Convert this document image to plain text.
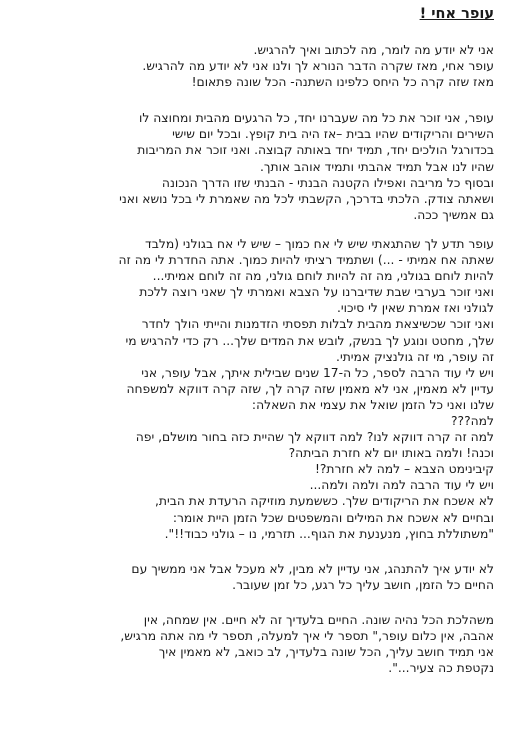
עופר אחי !
אני לא יודע מה לומר, מה לכתוב ואיך להרגיש.
עופר אחי, מאז שקרה הדבר הנורא לך ולנו אני לא יודע מה להרגיש.
מאז שזה קרה כל היחס כלפינו השתנה- הכל שונה פתאום!
עופר, אני זוכר את כל מה שעברנו יחד, כל הרגעים מהבית ומחוצה לו
השירים והריקודים שהיו בבית –אז היה בית קופץ. ובכל יום שישי
בכדורגל הולכים יחד, תמיד יחד באותה קבוצה. ואני זוכר את המריבות
שהיו לנו אבל תמיד אהבתי ותמיד אוהב אותך.
ובסוף כל מריבה ואפילו הקטנה הבנתי - הבנתי שזו הדרך הנכונה
ושאתה צודק. הלכתי בדרכך, הקשבתי לכל מה שאמרת לי בכל נושא ואני
גם אמשיך ככה.
עופר תדע לך שהתגאתי שיש לי אח כמוך – שיש לי אח בגולני (מלבד
שאתה אח אמיתי - ...) ושתמיד רציתי להיות כמוך. אתה החדרת לי מה זה
להיות לוחם בגולני, מה זה להיות לוחם גולני, מה זה לוחם אמיתי...
ואני זוכר בערבי שבת שדיברנו על הצבא ואמרתי לך שאני רוצה ללכת
לגולני ואז אמרת שאין לי סיכוי.
ואני זוכר שכשיצאת מהבית לבלות תפסתי הזדמנות והייתי הולך לחדר
שלך, מחטט ונוגע לך בנשק, לובש את המדים שלך... רק כדי להרגיש מי
זה עופר, מי זה גולנציק אמיתי.
ויש לי עוד הרבה לספר, כל ה-17 שנים שבילית איתך, אבל עופר, אני
עדיין לא מאמין, אני לא מאמין שזה קרה לך, שזה קרה דווקא למשפחה
שלנו ואני כל הזמן שואל את עצמי את השאלה:
למה???
למה זה קרה דווקא לנו? למה דווקא לך שהיית כזה בחור מושלם, יפה
וכנה! ולמה באותו יום לא חזרת הביתה?
קיבינימט הצבא – למה לא חזרת?!
ויש לי עוד הרבה למה ולמה ולמה...
לא אשכח את הריקודים שלך. כששמעת מוזיקה הרעדת את הבית,
ובחיים לא אשכח את המילים והמשפטים שכל הזמן היית אומר:
"משתוללת בחוץ, מנענעת את הגוף... תזרמי, נו – גולני כבוד!!".
לא יודע איך להתנהג, אני עדיין לא מבין, לא מעכל אבל אני ממשיך עם
החיים כל הזמן, חושב עליך כל רגע, כל זמן שעובר.
משהלכת הכל נהיה שונה. החיים בלעדיך זה לא חיים. אין שמחה, אין
אהבה, אין כלום עופר," תספר לי איך למעלה, תספר לי מה אתה מרגיש,
אני תמיד חושב עליך, הכל שונה בלעדיך, לב כואב, לא מאמין איך
נקטפת כה צעיר...".
